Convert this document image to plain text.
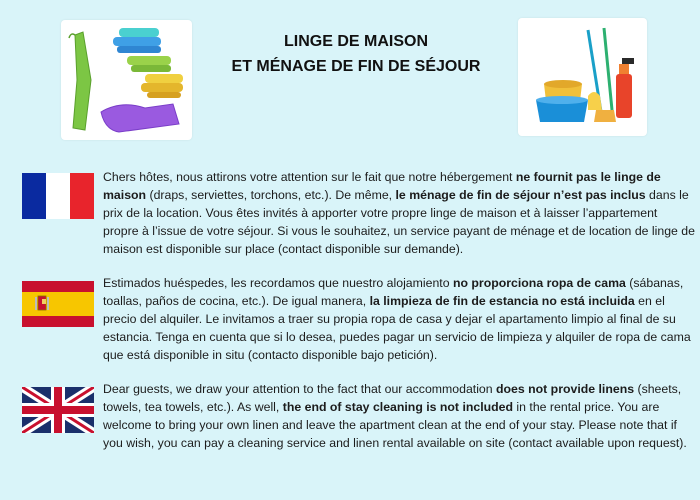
LINGE DE MAISON
ET MÉNAGE DE FIN DE SÉJOUR
Chers hôtes, nous attirons votre attention sur le fait que notre hébergement ne fournit pas le linge de maison (draps, serviettes, torchons, etc.). De même, le ménage de fin de séjour n’est pas inclus dans le prix de la location. Vous êtes invités à apporter votre propre linge de maison et à laisser l’appartement propre à l’issue de votre séjour. Si vous le souhaitez, un service payant de ménage et de location de linge de maison est disponible sur place (contact disponible sur demande).
Estimados huéspedes, les recordamos que nuestro alojamiento no proporciona ropa de cama (sábanas, toallas, paños de cocina, etc.). De igual manera, la limpieza de fin de estancia no está incluida en el precio del alquiler. Le invitamos a traer su propia ropa de casa y dejar el apartamento limpio al final de su estancia. Tenga en cuenta que si lo desea, puedes pagar un servicio de limpieza y alquiler de ropa de cama que está disponible in situ (contacto disponible bajo petición).
Dear guests, we draw your attention to the fact that our accommodation does not provide linens (sheets, towels, tea towels, etc.). As well, the end of stay cleaning is not included in the rental price. You are welcome to bring your own linen and leave the apartment clean at the end of your stay. Please note that if you wish, you can pay a cleaning service and linen rental available on site (contact available upon request).
